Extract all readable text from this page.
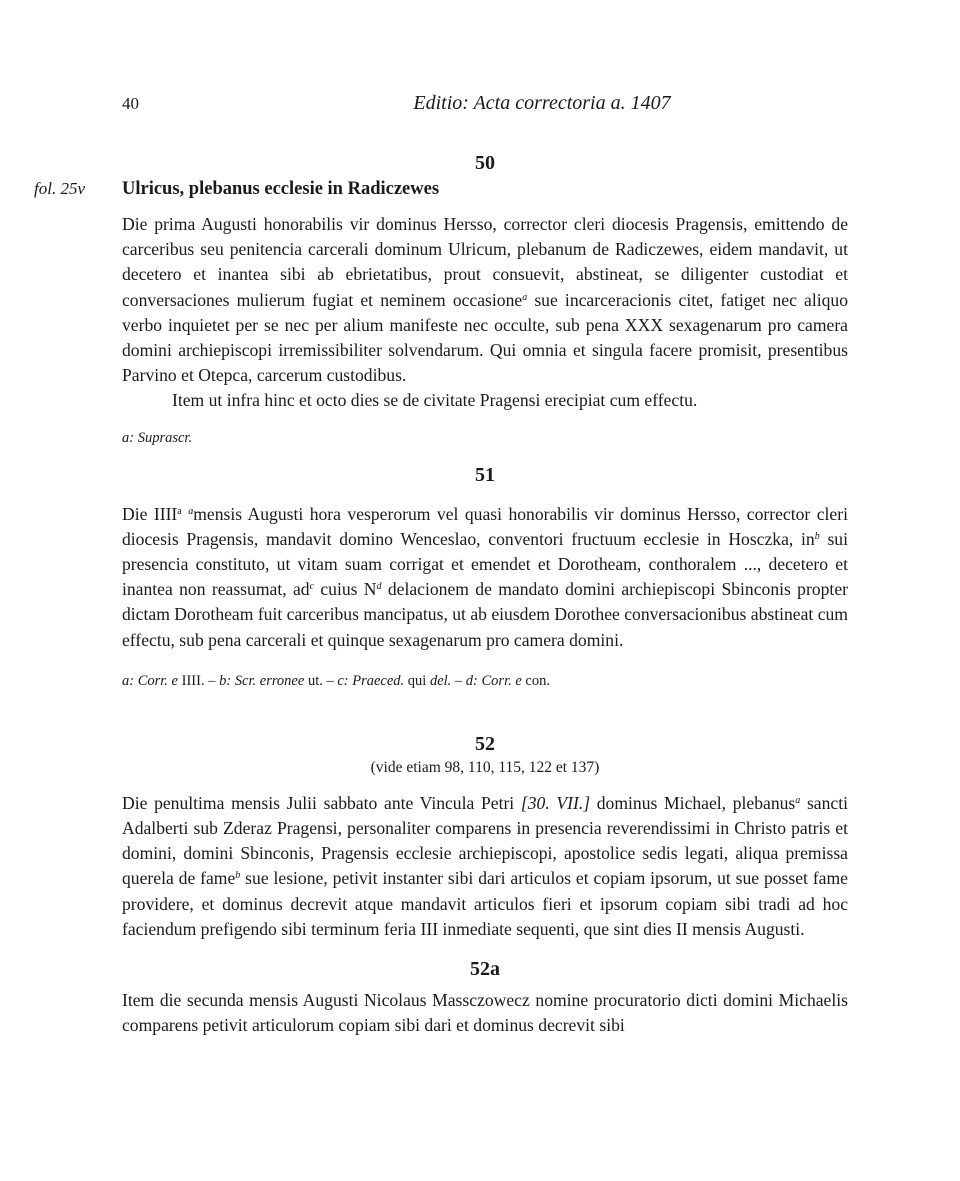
40	Editio: Acta correctoria a. 1407
50
fol. 25v Ulricus, plebanus ecclesie in Radiczewes

Die prima Augusti honorabilis vir dominus Hersso, corrector cleri diocesis Pragensis, emittendo de carceribus seu penitencia carcerali dominum Ulricum, plebanum de Radiczewes, eidem mandavit, ut decetero et inantea sibi ab ebrietatibus, prout consuevit, abstineat, se diligenter custodiat et conversaciones mulierum fugiat et neminem occasione$^a$ sue incarceracionis citet, fatiget nec aliquo verbo inquietet per se nec per alium manifeste nec occulte, sub pena XXX sexagenarum pro camera domini archiepiscopi irremissibiliter solvendarum. Qui omnia et singula facere promisit, presentibus Parvino et Otepca, carcerum custodibus.

Item ut infra hinc et octo dies se de civitate Pragensi erecipiat cum effectu.

a: Suprascr.

51

Die IIII$^a$ $^a$mensis Augusti hora vesperorum vel quasi honorabilis vir dominus Hersso, corrector cleri diocesis Pragensis, mandavit domino Wenceslao, conventori fructuum ecclesie in Hosczka, $in^b$ sui presencia constituto, ut vitam suam corrigat et emendet et Dorotheam, conthoralem ..., decetero et inantea non reassumat, $ad^c$ cuius $N^d$ delacionem de mandato domini archiepiscopi Sbinconis propter dictam Dorotheam fuit carceribus mancipatus, ut ab eiusdem Dorothee conversacionibus abstineat cum effectu, sub pena carcerali et quinque sexagenarum pro camera domini.

a: Corr. e IIII. – b: Scr. erronee ut. – c: Praeced. qui del. – d: Corr. e con.

52

(vide etiam 98, 110, 115, 122 et 137)

Die penultima mensis Julii sabbato ante Vincula Petri [30. VII.] dominus Michael, plebanus$^a$ sancti Adalberti sub Zderaz Pragensi, personaliter comparens in presencia reverendissimi in Christo patris et domini, domini Sbinconis, Pragensis ecclesie archiepiscopi, apostolice sedis legati, aliqua premissa querela de fame$^b$ sue lesione, petivit instanter sibi dari articulos et copiam ipsorum, ut sue posset fame providere, et dominus decrevit atque mandavit articulos fieri et ipsorum copiam sibi tradi ad hoc faciendum prefigendo sibi terminum feria III inmediate sequenti, que sint dies II mensis Augusti.

52a

Item die secunda mensis Augusti Nicolaus Massczowecz nomine procuratorio dicti domini Michaelis comparens petivit articulorum copiam sibi dari et dominus decrevit sibi
